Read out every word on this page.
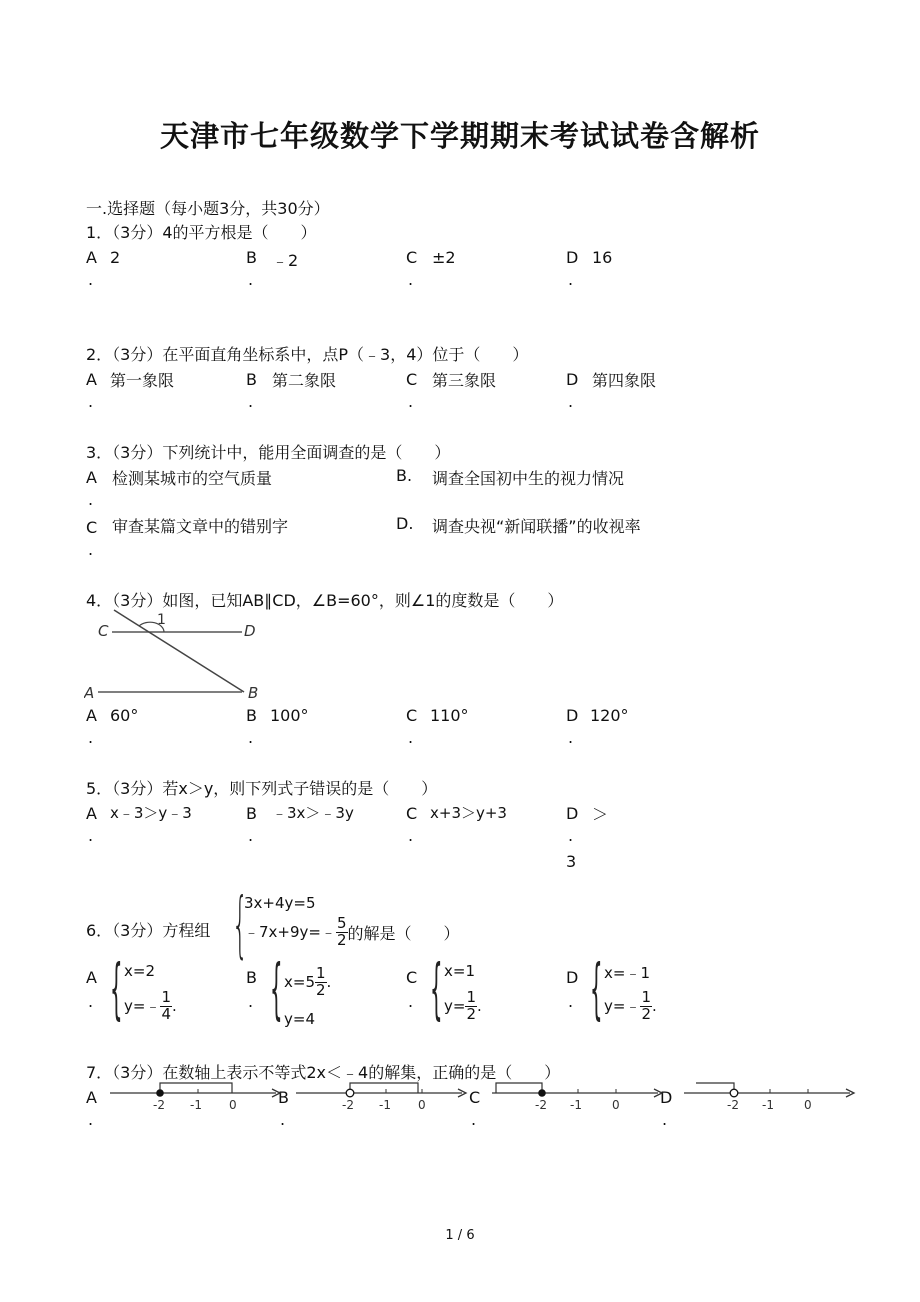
天津市七年级数学下学期期末考试试卷含解析
一.选择题（每小题3分，共30分）
1．（3分）4的平方根是（　　）
A
.
2	B
.
﹣2	C
.
±2	D
.
16
2．（3分）在平面直角坐标系中，点P（﹣3，4）位于（　　）
A
.
第一象限	B
.
第二象限	C
.
第三象限	D
.
第四象限
3．（3分）下列统计中，能用全面调查的是（　　）
A
.
检测某城市的空气质量	B. 调查全国初中生的视力情况
C
.
审查某篇文章中的错别字	D. 调查央视“新闻联播”的收视率
4．（3分）如图，已知AB∥CD，∠B=60°，则∠1的度数是（　　）
C	D
A	B
1
A
.
60°	B
.
100°	C
.
110°	D
.
120°
5．（3分）若x＞y，则下列式子错误的是（　　）
A
.
x﹣3＞y﹣3	B
.
﹣3x＞﹣3y	C
.
x+3＞y+3	D
.
＞
3
6．（3分）方程组 {
3x+4y=5
﹣7x+9y=﹣ $\frac{5}{2}$ 的解是（　　）
A
. { x=2
y=﹣ $\frac{1}{4}$ .
B
. { $x=5 \frac{1}{2}$ .
y=4
C
. { x=1
$y= \frac{1}{2}$ .
D
. { x=﹣1
y=﹣ $\frac{1}{2}$ .
7．（3分）在数轴上表示不等式2x＜﹣4的解集，正确的是（　　）
A
.
B
.
C
.
D
.
-2 -1 0	-2 -1 0	-2 -1	0	-2 -1	0
1 / 6
